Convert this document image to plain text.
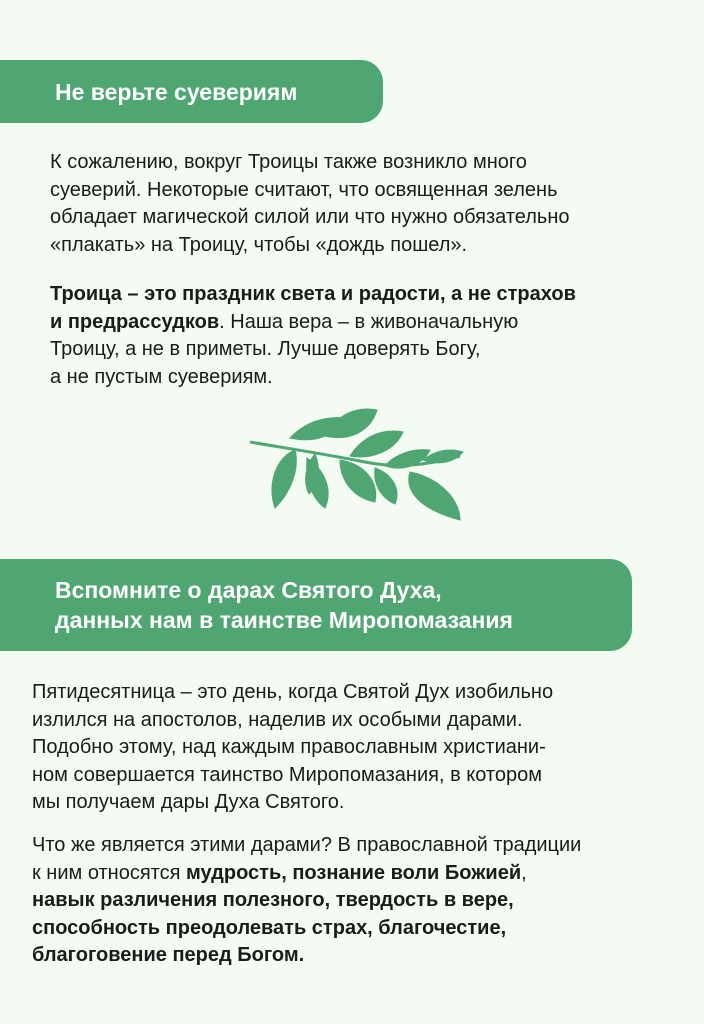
Не верьте суевериям
К сожалению, вокруг Троицы также возникло много
суеверий. Некоторые считают, что освященная зелень
обладает магической силой или что нужно обязательно
«плакать» на Троицу, чтобы «дождь пошел».
Троица – это праздник света и радости, а не страхов
и предрассудков. Наша вера – в живоначальную
Троицу, а не в приметы. Лучше доверять Богу,
а не пустым суевериям.
Вспомните о дарах Святого Духа,
данных нам в таинстве Миропомазания
Пятидесятница – это день, когда Святой Дух изобильно
излился на апостолов, наделив их особыми дарами.
Подобно этому, над каждым православным христиани-
ном совершается таинство Миропомазания, в котором
мы получаем дары Духа Святого.
Что же является этими дарами? В православной традиции
к ним относятся мудрость, познание воли Божией,
навык различения полезного, твердость в вере,
способность преодолевать страх, благочестие,
благоговение перед Богом.
